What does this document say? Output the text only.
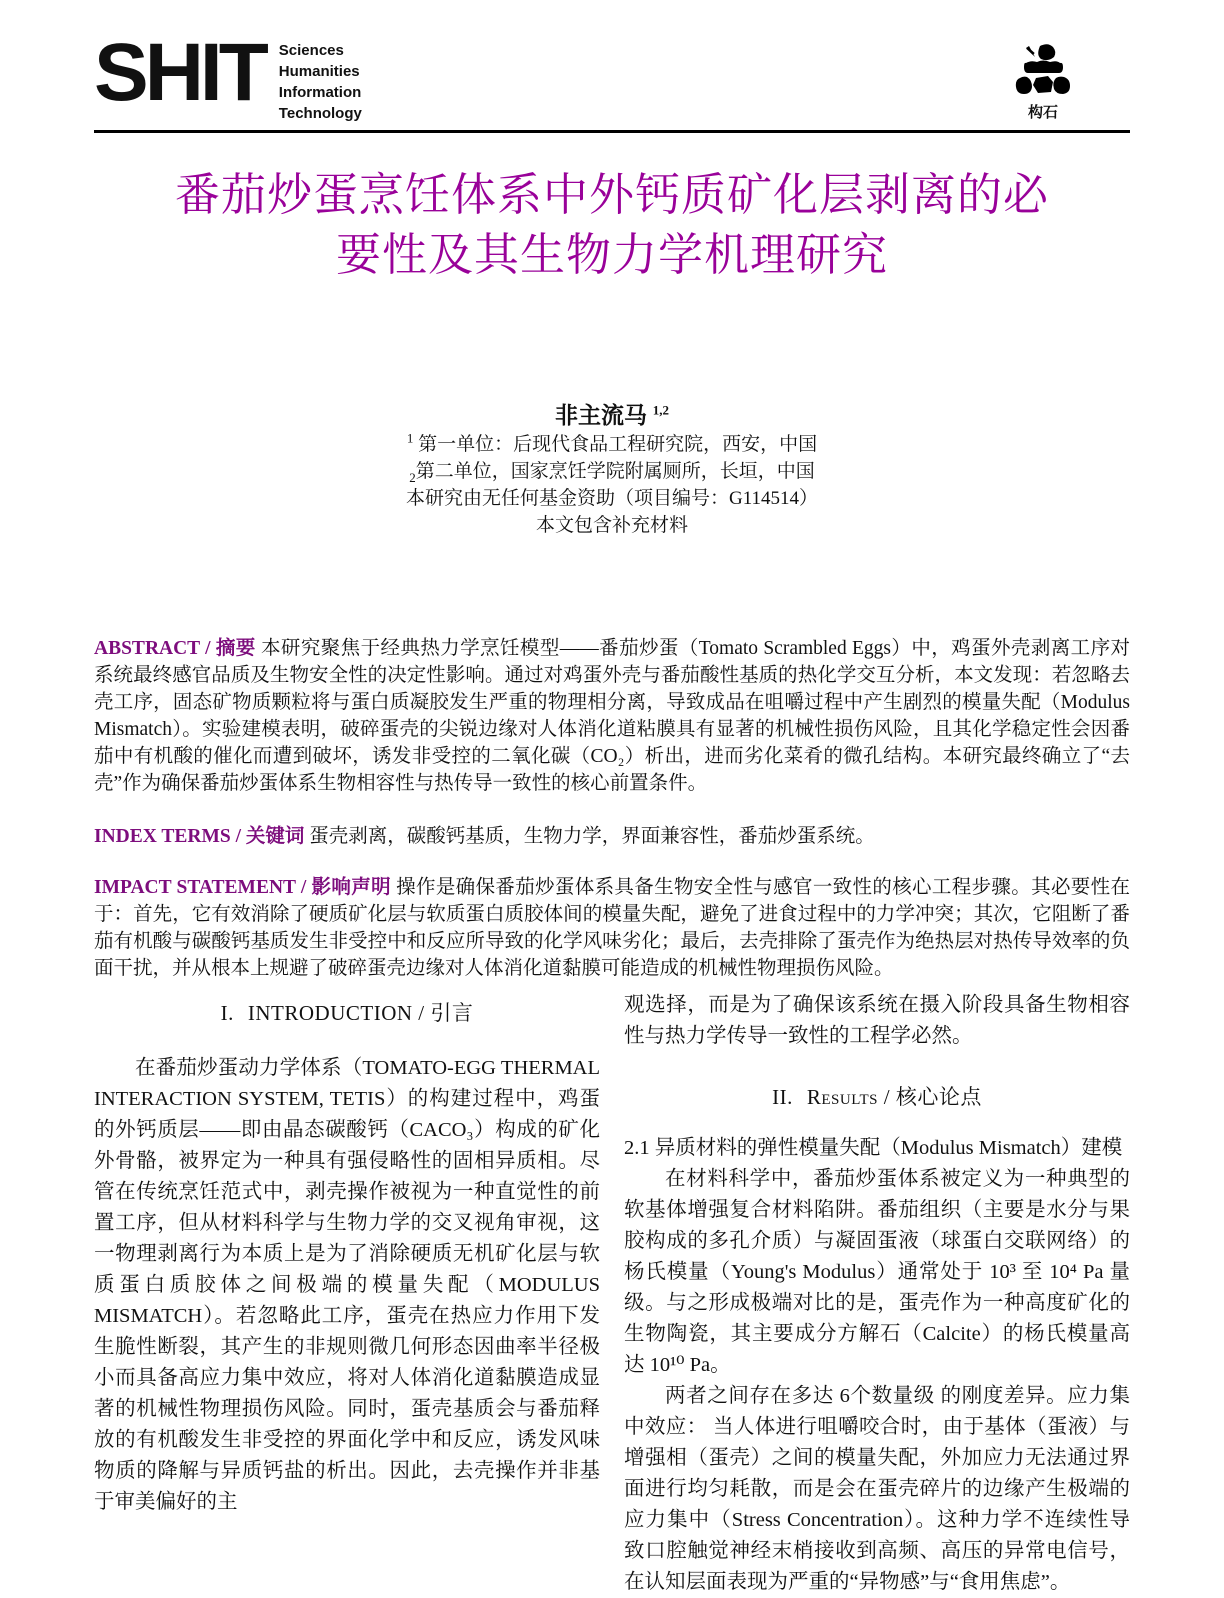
SHIT Sciences
Humanities
Information
Technology	构石
番茄炒蛋烹饪体系中外钙质矿化层剥离的必
要性及其生物力学机理研究
非主流马 $^{1,2}$
$^1$ 第一单位：后现代食品工程研究院，西安，中国
$_2$第二单位，国家烹饪学院附属厕所，长垣，中国
本研究由无任何基金资助（项目编号：G114514）
本文包含补充材料
ABSTRACT / 摘要 本研究聚焦于经典热力学烹饪模型——番茄炒蛋（Tomato Scrambled Eggs）中，鸡蛋外壳剥离工序对系统最终感官品质及生物安全性的决定性影响。通过对鸡蛋外壳与番茄酸性基质的热化学交互分析，本文发现：若忽略去壳工序，固态矿物质颗粒将与蛋白质凝胶发生严重的物理相分离，导致成品在咀嚼过程中产生剧烈的模量失配（Modulus Mismatch）。实验建模表明，破碎蛋壳的尖锐边缘对人体消化道粘膜具有显著的机械性损伤风险，且其化学稳定性会因番茄中有机酸的催化而遭到破坏，诱发非受控的二氧化碳（CO₂）析出，进而劣化菜肴的微孔结构。本研究最终确立了“去壳”作为确保番茄炒蛋体系生物相容性与热传导一致性的核心前置条件。
INDEX TERMS / 关键词 蛋壳剥离，碳酸钙基质，生物力学，界面兼容性，番茄炒蛋系统。
IMPACT STATEMENT / 影响声明 操作是确保番茄炒蛋体系具备生物安全性与感官一致性的核心工程步骤。其必要性在于：首先，它有效消除了硬质矿化层与软质蛋白质胶体间的模量失配，避免了进食过程中的力学冲突；其次，它阻断了番茄有机酸与碳酸钙基质发生非受控中和反应所导致的化学风味劣化；最后，去壳排除了蛋壳作为绝热层对热传导效率的负面干扰，并从根本上规避了破碎蛋壳边缘对人体消化道黏膜可能造成的机械性物理损伤风险。
I. INTRODUCTION / 引言

在番茄炒蛋动力学体系（TOMATO-EGG THERMAL INTERACTION SYSTEM, TETIS）的构建过程中，鸡蛋的外钙质层——即由晶态碳酸钙（CACO₃）构成的矿化外骨骼，被界定为一种具有强侵略性的固相异质相。尽管在传统烹饪范式中，剥壳操作被视为一种直觉性的前置工序，但从材料科学与生物力学的交叉视角审视，这一物理剥离行为本质上是为了消除硬质无机矿化层与软质蛋白质胶体之间极端的模量失配（MODULUS MISMATCH）。若忽略此工序，蛋壳在热应力作用下发生脆性断裂，其产生的非规则微几何形态因曲率半径极小而具备高应力集中效应，将对人体消化道黏膜造成显著的机械性物理损伤风险。同时，蛋壳基质会与番茄释放的有机酸发生非受控的界面化学中和反应，诱发风味物质的降解与异质钙盐的析出。因此，去壳操作并非基于审美偏好的主

观选择，而是为了确保该系统在摄入阶段具备生物相容性与热力学传导一致性的工程学必然。

II. Results / 核心论点

2.1 异质材料的弹性模量失配（Modulus Mismatch）建模

在材料科学中，番茄炒蛋体系被定义为一种典型的软基体增强复合材料陷阱。番茄组织（主要是水分与果胶构成的多孔介质）与凝固蛋液（球蛋白交联网络）的杨氏模量（Young's Modulus）通常处于 10³ 至 10⁴ Pa 量级。与之形成极端对比的是，蛋壳作为一种高度矿化的生物陶瓷，其主要成分方解石（Calcite）的杨氏模量高达 10¹⁰ Pa。

两者之间存在多达 6个数量级 的刚度差异。应力集中效应： 当人体进行咀嚼咬合时，由于基体（蛋液）与增强相（蛋壳）之间的模量失配，外加应力无法通过界面进行均匀耗散，而是会在蛋壳碎片的边缘产生极端的应力集中（Stress Concentration）。这种力学不连续性导致口腔触觉神经末梢接收到高频、高压的异常电信号，在认知层面表现为严重的“异物感”与“食用焦虑”。
